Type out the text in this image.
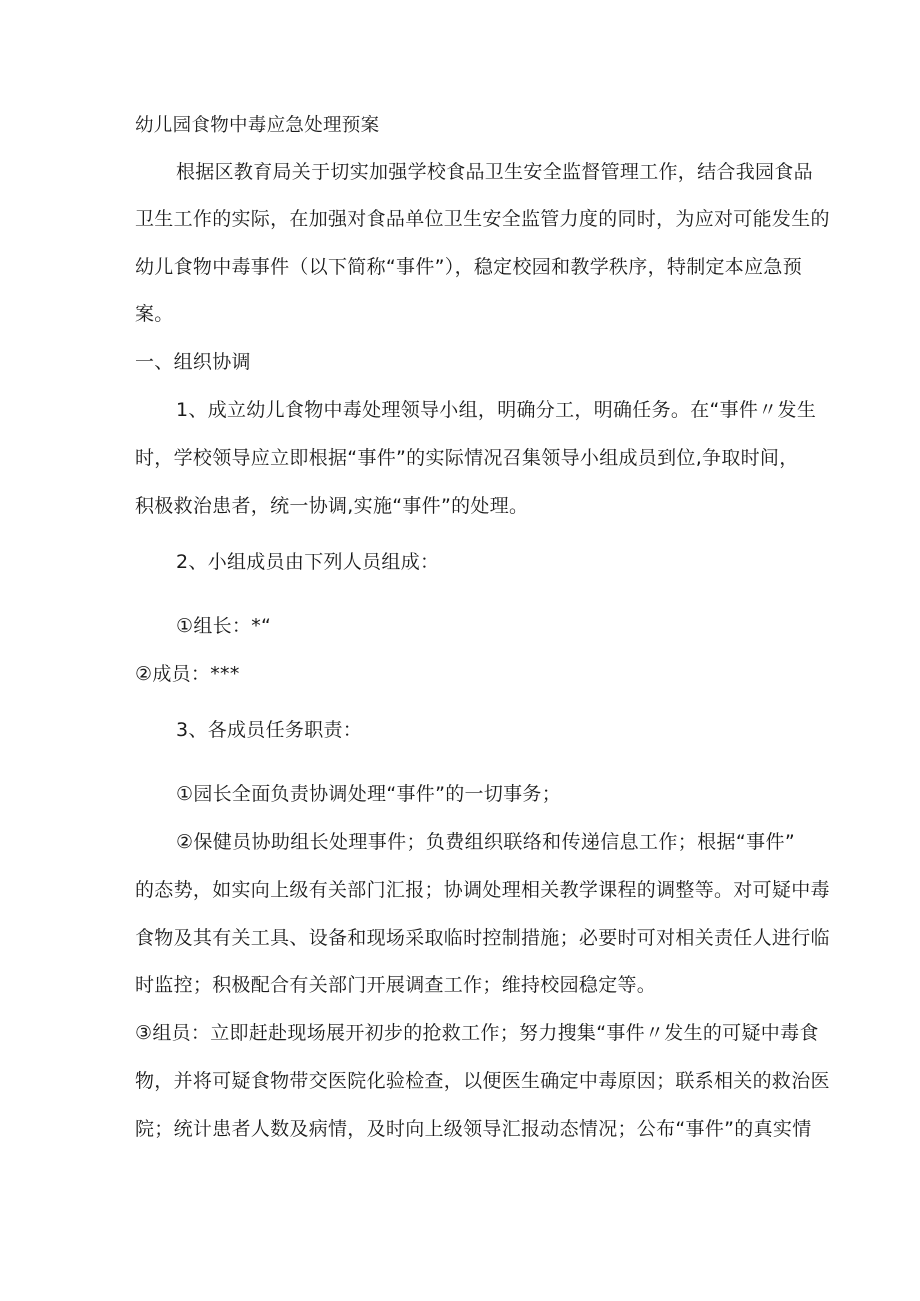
幼儿园食物中毒应急处理预案
根据区教育局关于切实加强学校食品卫生安全监督管理工作，结合我园食品
卫生工作的实际，在加强对食品单位卫生安全监管力度的同时，为应对可能发生的
幼儿食物中毒事件（以下简称“事件”），稳定校园和教学秩序，特制定本应急预
案。
一、组织协调
1、成立幼儿食物中毒处理领导小组，明确分工，明确任务。在“事件〃发生
时，学校领导应立即根据“事件”的实际情况召集领导小组成员到位,争取时间，
积极救治患者，统一协调,实施“事件”的处理。
2、小组成员由下列人员组成：
①组长：*“
②成员：***
3、各成员任务职责：
①园长全面负责协调处理“事件”的一切事务；
②保健员协助组长处理事件；负费组织联络和传递信息工作；根据“事件”
的态势，如实向上级有关部门汇报；协调处理相关教学课程的调整等。对可疑中毒
食物及其有关工具、设备和现场采取临时控制措施；必要时可对相关责任人进行临
时监控；积极配合有关部门开展调查工作；维持校园稳定等。
③组员：立即赶赴现场展开初步的抢救工作；努力搜集“事件〃发生的可疑中毒食
物，并将可疑食物带交医院化验检查，以便医生确定中毒原因；联系相关的救治医
院；统计患者人数及病情，及时向上级领导汇报动态情况；公布“事件”的真实情
